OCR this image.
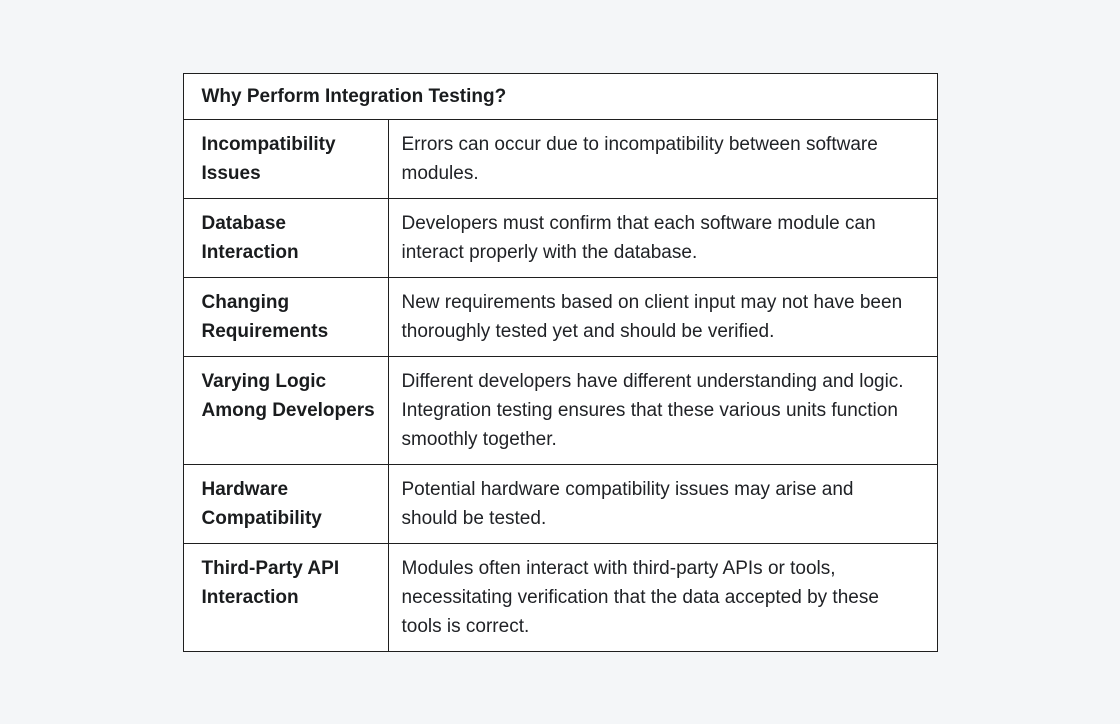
Why Perform Integration Testing?	
Incompatibility Issues	Errors can occur due to incompatibility between software modules.

Database Interaction	Developers must confirm that each software module can interact properly with the database.

Changing Requirements	New requirements based on client input may not have been thoroughly tested yet and should be verified.

Varying Logic Among Developers	Different developers have different understanding and logic. Integration testing ensures that these various units function smoothly together.

Hardware Compatibility	Potential hardware compatibility issues may arise and should be tested.

Third-Party API Interaction	Modules often interact with third-party APIs or tools, necessitating verification that the data accepted by these tools is correct.
